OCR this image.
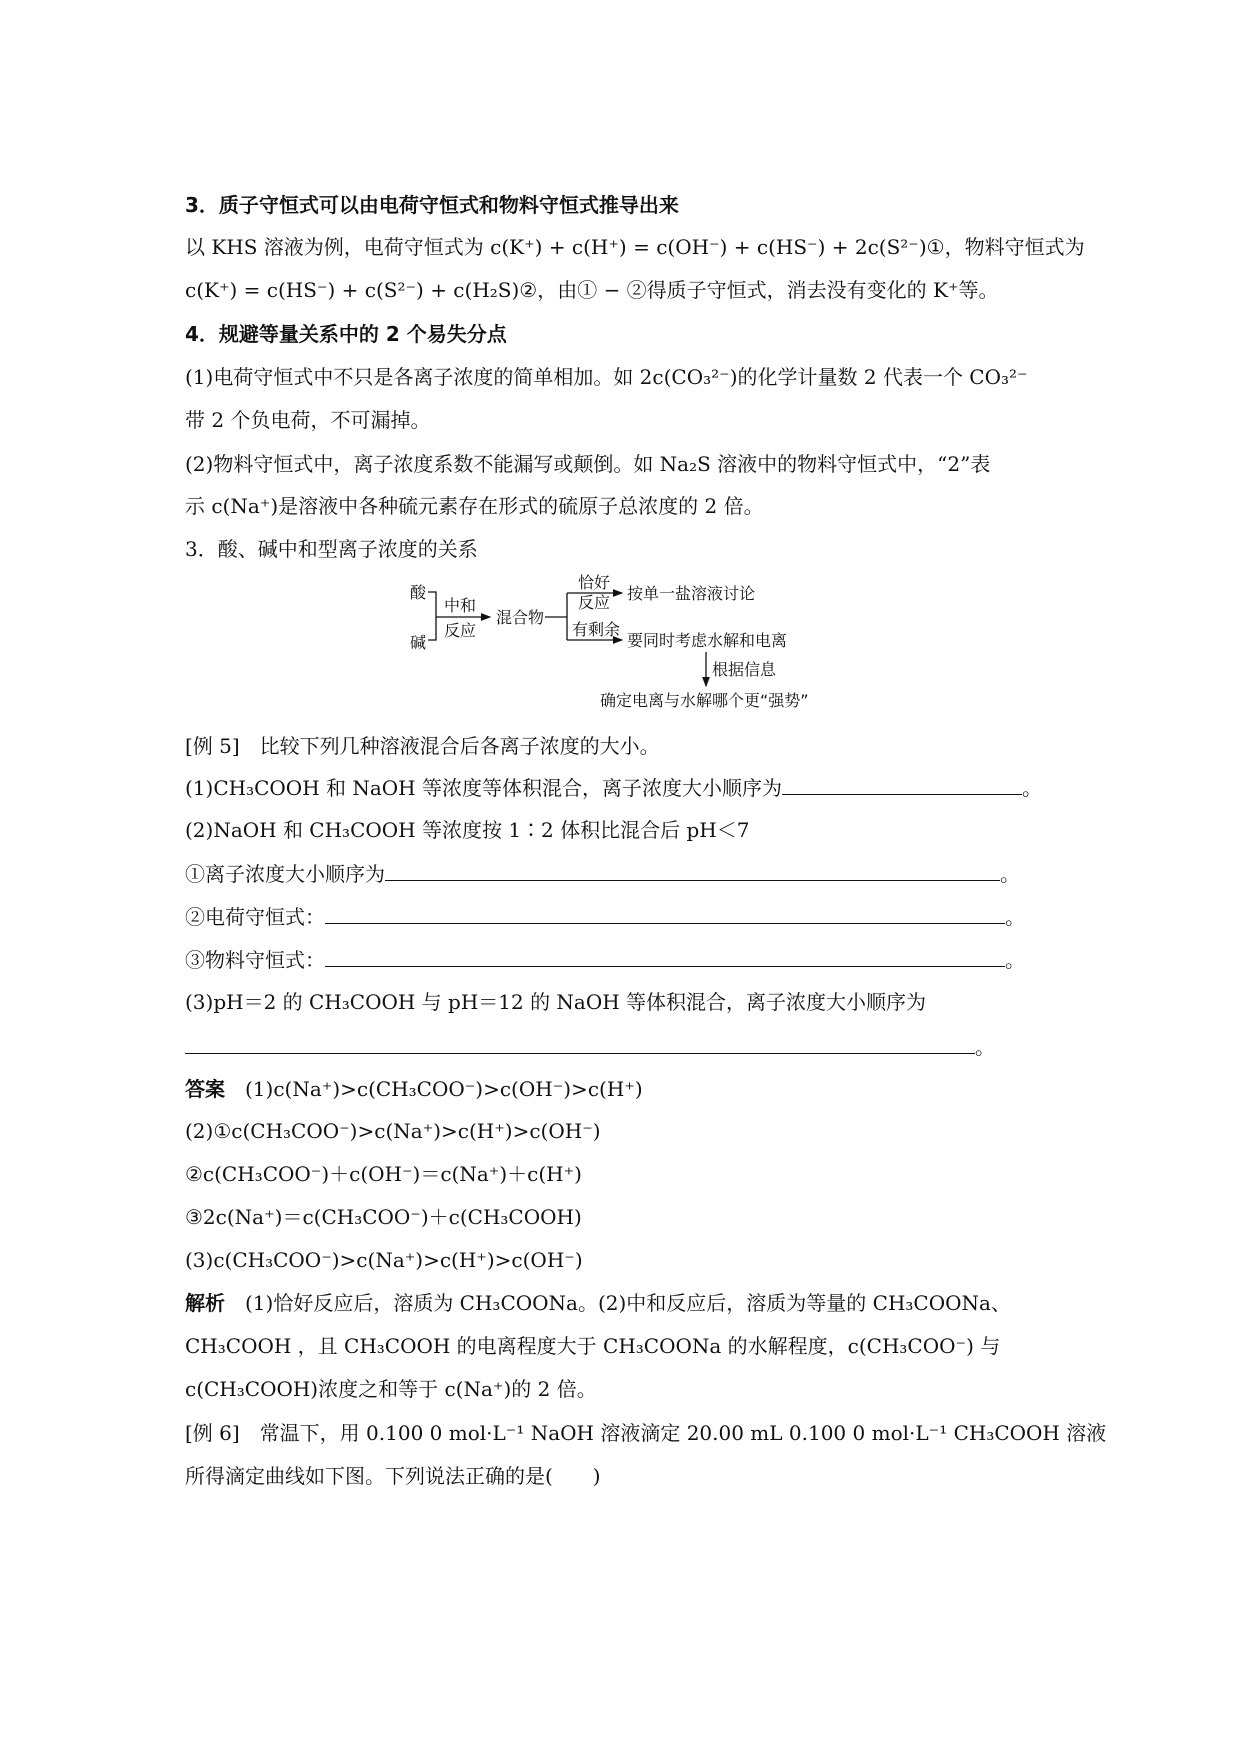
3．质子守恒式可以由电荷守恒式和物料守恒式推导出来
以 KHS 溶液为例，电荷守恒式为 c(K⁺) + c(H⁺) = c(OH⁻) + c(HS⁻) + 2c(S²⁻)①，物料守恒式为
c(K⁺) = c(HS⁻) + c(S²⁻) + c(H₂S)②，由① − ②得质子守恒式，消去没有变化的 K⁺等。
4．规避等量关系中的 2 个易失分点
(1)电荷守恒式中不只是各离子浓度的简单相加。如 2c(CO₃²⁻)的化学计量数 2 代表一个 CO₃²⁻
带 2 个负电荷，不可漏掉。
(2)物料守恒式中，离子浓度系数不能漏写或颠倒。如 Na₂S 溶液中的物料守恒式中，“2”表
示 c(Na⁺)是溶液中各种硫元素存在形式的硫原子总浓度的 2 倍。
3．酸、碱中和型离子浓度的关系
酸
碱
中和
反应
混合物
恰好
反应 按单一盐溶液讨论
有剩余
要同时考虑水解和电离
根据信息
确定电离与水解哪个更“强势”
[例 5]　比较下列几种溶液混合后各离子浓度的大小。
(1)CH₃COOH 和 NaOH 等浓度等体积混合，离子浓度大小顺序为	。
(2)NaOH 和 CH₃COOH 等浓度按 1∶2 体积比混合后 pH＜7
①离子浓度大小顺序为	。
②电荷守恒式：	。
③物料守恒式：	。
(3)pH＝2 的 CH₃COOH 与 pH＝12 的 NaOH 等体积混合，离子浓度大小顺序为
。
答案　 (1)c(Na⁺)>c(CH₃COO⁻)>c(OH⁻)>c(H⁺)
(2)①c(CH₃COO⁻)>c(Na⁺)>c(H⁺)>c(OH⁻)
②c(CH₃COO⁻)＋c(OH⁻)＝c(Na⁺)＋c(H⁺)
③2c(Na⁺)＝c(CH₃COO⁻)＋c(CH₃COOH)
(3)c(CH₃COO⁻)>c(Na⁺)>c(H⁺)>c(OH⁻)
解析　 (1)恰好反应后，溶质为 CH₃COONa。(2)中和反应后，溶质为等量的 CH₃COONa、
CH₃COOH ，且 CH₃COOH 的电离程度大于 CH₃COONa 的水解程度，c(CH₃COO⁻) 与
c(CH₃COOH)浓度之和等于 c(Na⁺)的 2 倍。
[例 6]　常温下，用 0.100 0 mol·L⁻¹ NaOH 溶液滴定 20.00 mL 0.100 0 mol·L⁻¹ CH₃COOH 溶液
所得滴定曲线如下图。下列说法正确的是(　　)
